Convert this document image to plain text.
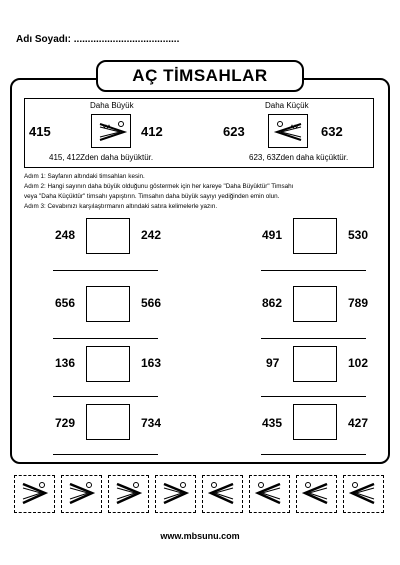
Adı Soyadı: ......................................
AÇ TİMSAHLAR
Daha Büyük
415	412
415, 412Zden daha büyüktür.
Daha Küçük
623	632
623, 63Zden daha küçüktür.

Adım 1: Sayfanın altındaki timsahları kesin.

Adım 2: Hangi sayının daha büyük olduğunu göstermek için her kareye "Daha Büyüktür" Timsahı

veya "Daha Küçüktür" timsahı yapıştırın. Timsahın daha büyük sayıyı yediğinden emin olun.

Adım 3: Cevabınızı karşılaştırmanın altındaki satıra kelimelerle yazın.

248	242
656	566
136	163
729	734
491	530
862	789
97	102
435	427
www.mbsunu.com
